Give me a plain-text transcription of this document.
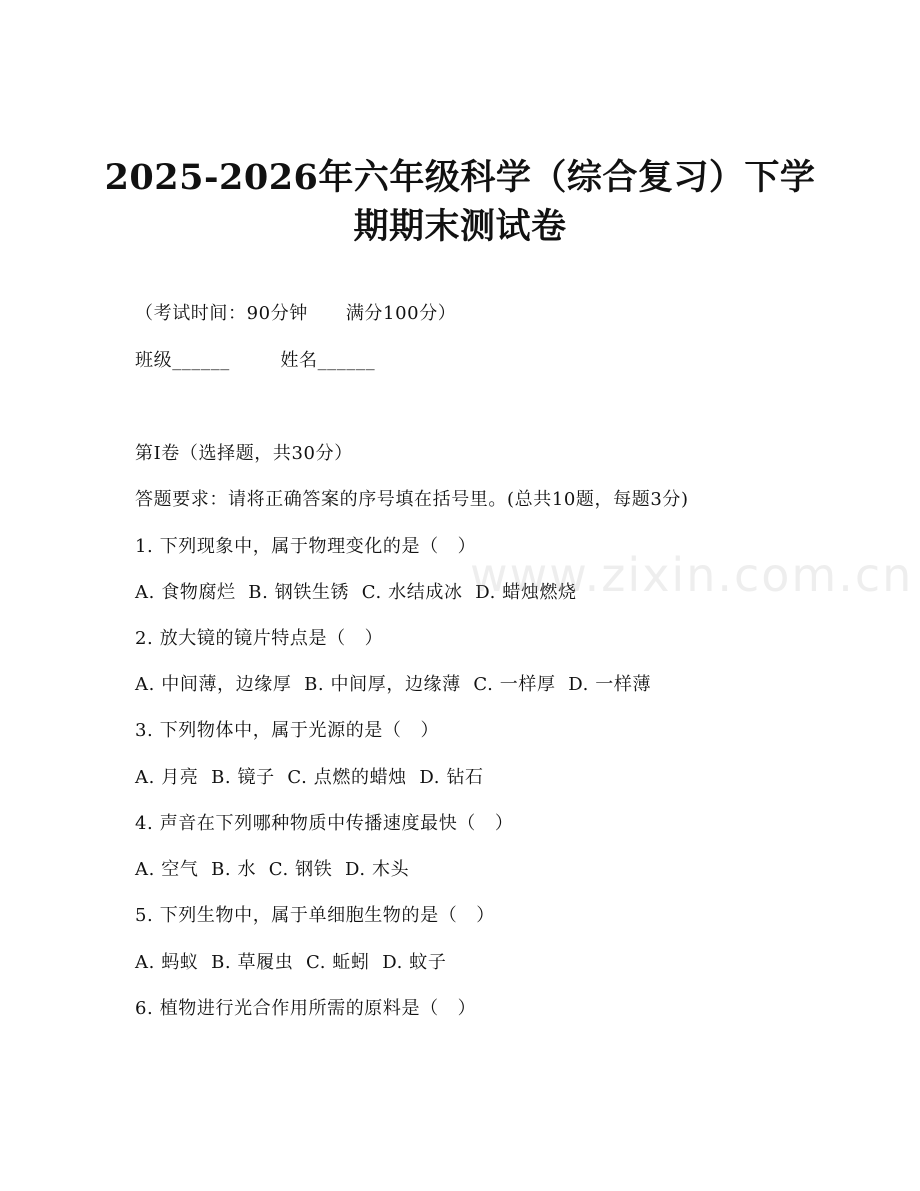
2025-2026年六年级科学（综合复习）下学
期期末测试卷
（考试时间：90分钟      满分100分）
班级______        姓名______
第I卷（选择题，共30分）
答题要求：请将正确答案的序号填在括号里。(总共10题，每题3分)
1. 下列现象中，属于物理变化的是（   ）
A. 食物腐烂  B. 钢铁生锈  C. 水结成冰  D. 蜡烛燃烧
2. 放大镜的镜片特点是（   ）
A. 中间薄，边缘厚  B. 中间厚，边缘薄  C. 一样厚  D. 一样薄
3. 下列物体中，属于光源的是（   ）
A. 月亮  B. 镜子  C. 点燃的蜡烛  D. 钻石
4. 声音在下列哪种物质中传播速度最快（   ）
A. 空气  B. 水  C. 钢铁  D. 木头
5. 下列生物中，属于单细胞生物的是（   ）
A. 蚂蚁  B. 草履虫  C. 蚯蚓  D. 蚊子
6. 植物进行光合作用所需的原料是（   ）
www.zixin.com.cn
